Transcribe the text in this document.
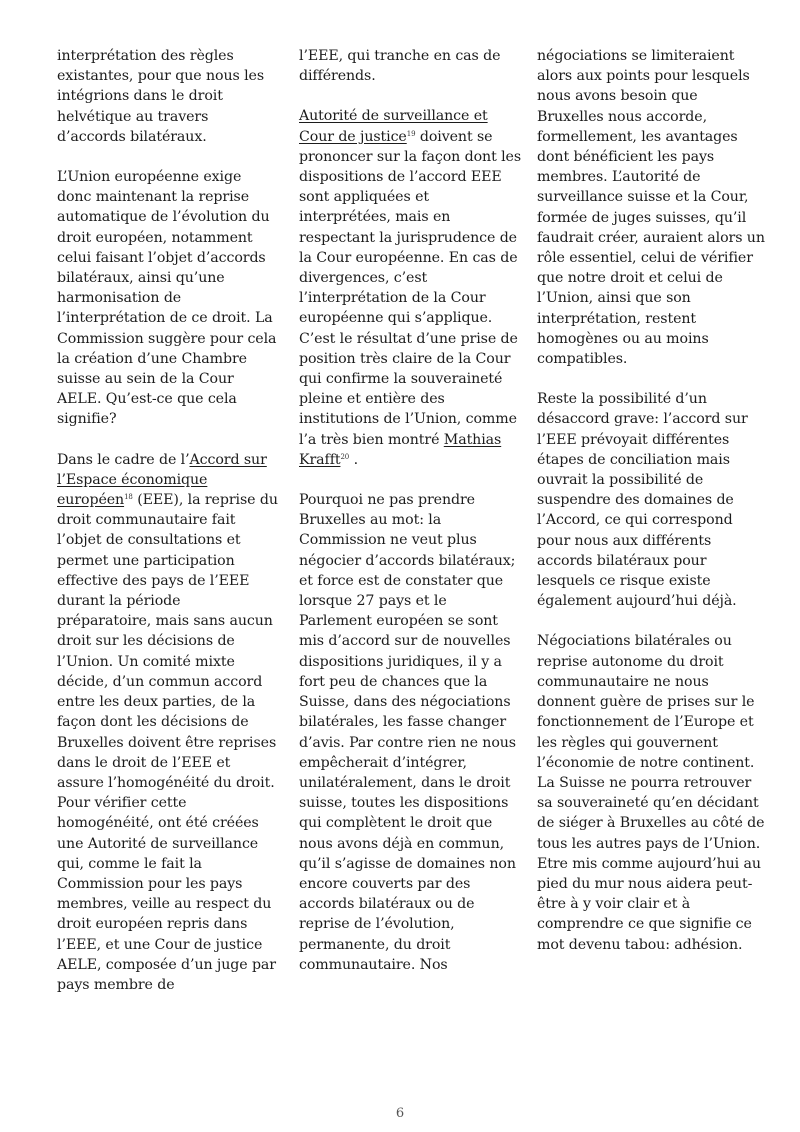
interprétation des règles existantes, pour que nous les intégrions dans le droit helvétique au travers d’accords bilatéraux.

L’Union européenne exige donc maintenant la reprise automatique de l’évolution du droit européen, notamment celui faisant l’objet d’accords bilatéraux, ainsi qu’une harmonisation de l’interprétation de ce droit. La Commission suggère pour cela la création d’une Chambre suisse au sein de la Cour AELE. Qu’est-ce que cela signifie?

Dans le cadre de l’Accord sur l’Espace économique européen$^{18}$ (EEE), la reprise du droit communautaire fait l’objet de consultations et permet une participation effective des pays de l’EEE durant la période préparatoire, mais sans aucun droit sur les décisions de l’Union. Un comité mixte décide, d’un commun accord entre les deux parties, de la façon dont les décisions de Bruxelles doivent être reprises dans le droit de l’EEE et assure l’homogénéité du droit. Pour vérifier cette homogénéité, ont été créées une Autorité de surveillance qui, comme le fait la Commission pour les pays membres, veille au respect du droit européen repris dans l’EEE, et une Cour de justice AELE, composée d’un juge par pays membre de

l’EEE, qui tranche en cas de différends.

Autorité de surveillance et Cour de justice$^{19}$ doivent se prononcer sur la façon dont les dispositions de l’accord EEE sont appliquées et interprétées, mais en respectant la jurisprudence de la Cour européenne. En cas de divergences, c’est l’interprétation de la Cour européenne qui s’applique. C’est le résultat d’une prise de position très claire de la Cour qui confirme la souveraineté pleine et entière des institutions de l’Union, comme l’a très bien montré Mathias Krafft$^{20}$ .

Pourquoi ne pas prendre Bruxelles au mot: la Commission ne veut plus négocier d’accords bilatéraux; et force est de constater que lorsque 27 pays et le Parlement européen se sont mis d’accord sur de nouvelles dispositions juridiques, il y a fort peu de chances que la Suisse, dans des négociations bilatérales, les fasse changer d’avis. Par contre rien ne nous empêcherait d’intégrer, unilatéralement, dans le droit suisse, toutes les dispositions qui complètent le droit que nous avons déjà en commun, qu’il s’agisse de domaines non encore couverts par des accords bilatéraux ou de reprise de l’évolution, permanente, du droit communautaire. Nos

négociations se limiteraient alors aux points pour lesquels nous avons besoin que Bruxelles nous accorde, formellement, les avantages dont bénéficient les pays membres. L’autorité de surveillance suisse et la Cour, formée de juges suisses, qu’il faudrait créer, auraient alors un rôle essentiel, celui de vérifier que notre droit et celui de l’Union, ainsi que son interprétation, restent homogènes ou au moins compatibles.

Reste la possibilité d’un désaccord grave: l’accord sur l’EEE prévoyait différentes étapes de conciliation mais ouvrait la possibilité de suspendre des domaines de l’Accord, ce qui correspond pour nous aux différents accords bilatéraux pour lesquels ce risque existe également aujourd’hui déjà.

Négociations bilatérales ou reprise autonome du droit communautaire ne nous donnent guère de prises sur le fonctionnement de l’Europe et les règles qui gouvernent l’économie de notre continent. La Suisse ne pourra retrouver sa souveraineté qu’en décidant de siéger à Bruxelles au côté de tous les autres pays de l’Union. Etre mis comme aujourd’hui au pied du mur nous aidera peut-être à y voir clair et à comprendre ce que signifie ce mot devenu tabou: adhésion.

6
